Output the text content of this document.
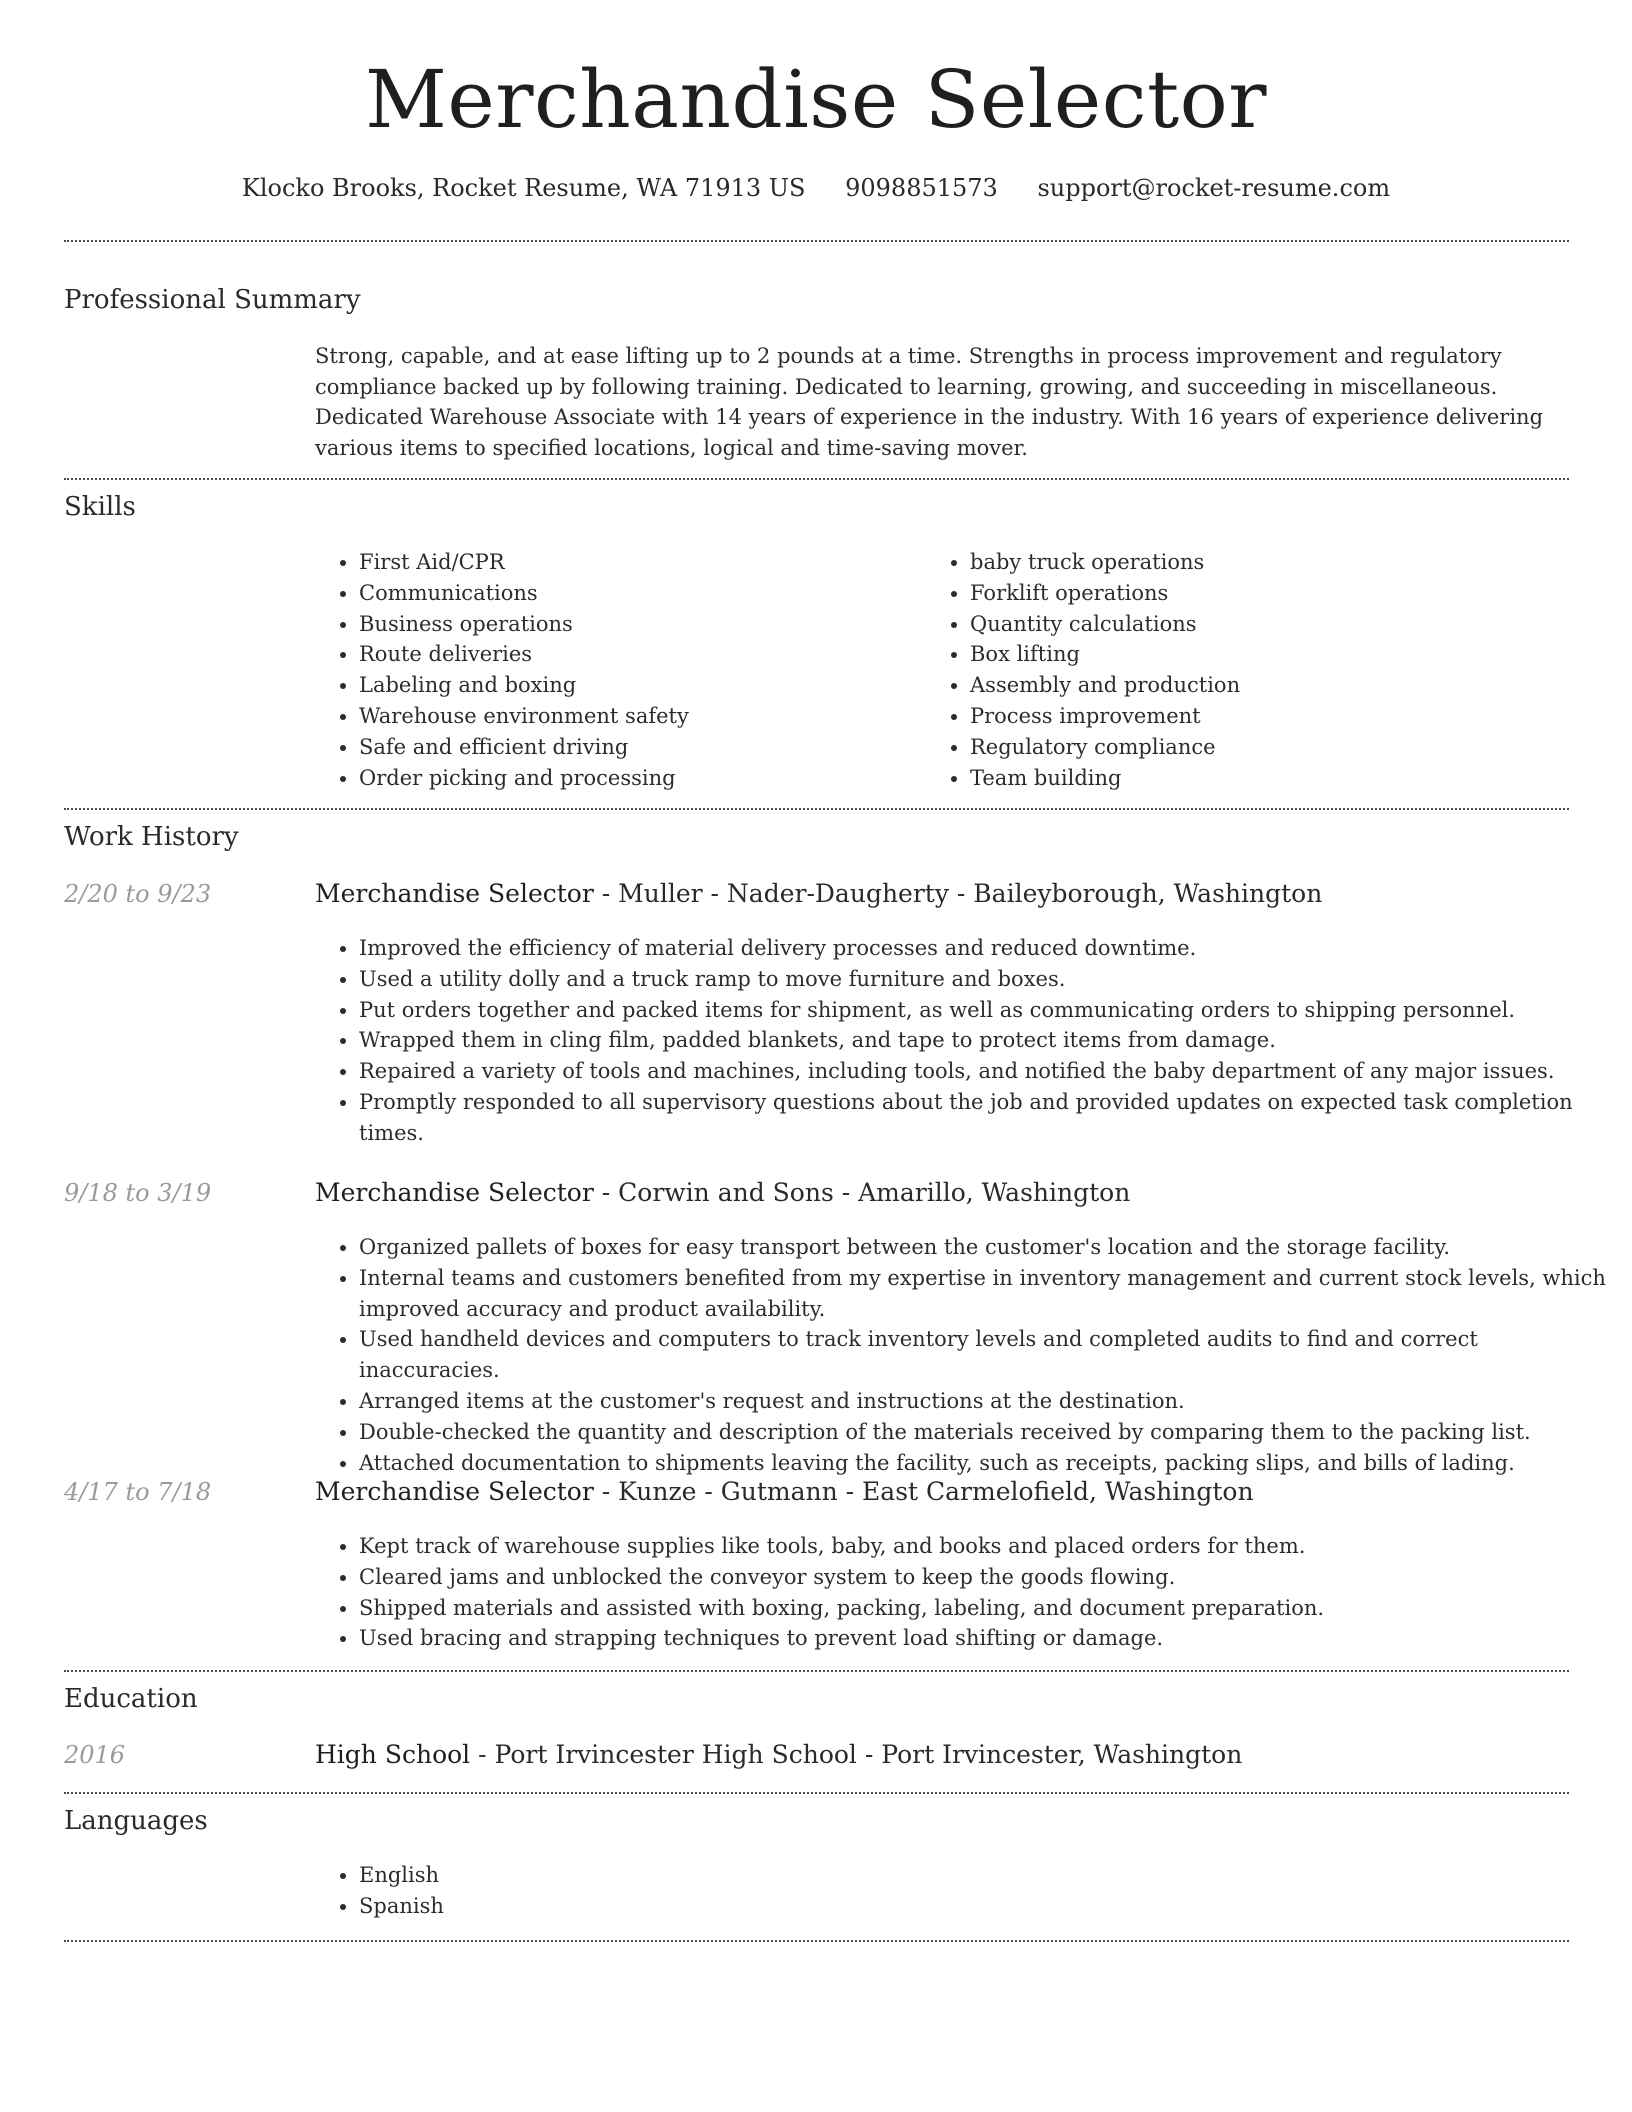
Merchandise Selector
Klocko Brooks, Rocket Resume, WA 71913 US 9098851573 support@rocket-resume.com
Professional Summary
Strong, capable, and at ease lifting up to 2 pounds at a time. Strengths in process improvement and regulatory compliance backed up by following training. Dedicated to learning, growing, and succeeding in miscellaneous. Dedicated Warehouse Associate with 14 years of experience in the industry. With 16 years of experience delivering various items to specified locations, logical and time-saving mover.
Skills
• First Aid/CPR
• Communications
• Business operations
• Route deliveries
• Labeling and boxing
• Warehouse environment safety
• Safe and efficient driving
• Order picking and processing
• baby truck operations
• Forklift operations
• Quantity calculations
• Box lifting
• Assembly and production
• Process improvement
• Regulatory compliance
• Team building
Work History
2/20 to 9/23	Merchandise Selector - Muller - Nader-Daugherty - Baileyborough, Washington
• Improved the efficiency of material delivery processes and reduced downtime.
• Used a utility dolly and a truck ramp to move furniture and boxes.
• Put orders together and packed items for shipment, as well as communicating orders to shipping personnel.
• Wrapped them in cling film, padded blankets, and tape to protect items from damage.
• Repaired a variety of tools and machines, including tools, and notified the baby department of any major issues.
• Promptly responded to all supervisory questions about the job and provided updates on expected task completion times.
9/18 to 3/19	Merchandise Selector - Corwin and Sons - Amarillo, Washington
• Organized pallets of boxes for easy transport between the customer's location and the storage facility.
• Internal teams and customers benefited from my expertise in inventory management and current stock levels, which improved accuracy and product availability.
• Used handheld devices and computers to track inventory levels and completed audits to find and correct inaccuracies.
• Arranged items at the customer's request and instructions at the destination.
• Double-checked the quantity and description of the materials received by comparing them to the packing list.
• Attached documentation to shipments leaving the facility, such as receipts, packing slips, and bills of lading.
4/17 to 7/18	Merchandise Selector - Kunze - Gutmann - East Carmelofield, Washington
• Kept track of warehouse supplies like tools, baby, and books and placed orders for them.
• Cleared jams and unblocked the conveyor system to keep the goods flowing.
• Shipped materials and assisted with boxing, packing, labeling, and document preparation.
• Used bracing and strapping techniques to prevent load shifting or damage.
Education
2016	High School - Port Irvincester High School - Port Irvincester, Washington
Languages
• English
• Spanish
